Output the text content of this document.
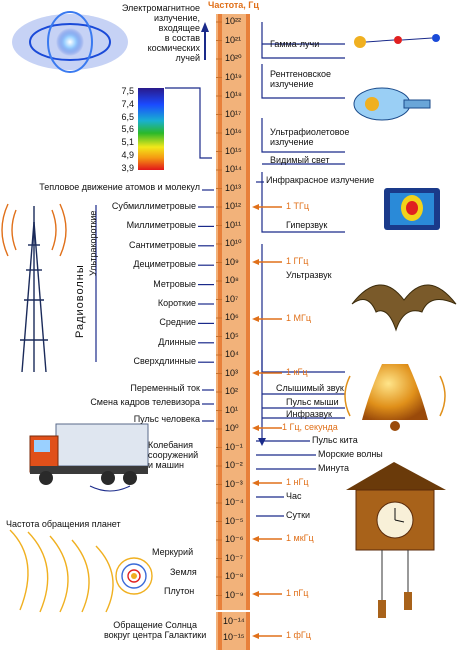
Частота, Гц
10²²
10²¹
10²⁰
10¹⁹
10¹⁸
10¹⁷
10¹⁶
10¹⁵
10¹⁴
10¹³
10¹²
10¹¹
10¹⁰
10⁹
10⁸
10⁷
10⁶
10⁵
10⁴
10³
10²
10¹
10⁰
10⁻¹
10⁻²
10⁻³
10⁻⁴
10⁻⁵
10⁻⁶
10⁻⁷
10⁻⁸
10⁻⁹
10⁻¹⁴
10⁻¹⁵
Электромагнитное
излучение,
входящее
в состав
космических
лучей
7,5
7,4
6,5
5,6
5,1
4,9
3,9
Тепловое движение атомов и молекул
Радиоволны
Ультракороткие
Субмиллиметровые
Миллиметровые
Сантиметровые
Дециметровые
Метровые
Короткие
Средние
Длинные
Сверхдлинные
Переменный ток
Смена кадров телевизора
Пульс человека
Колебания
сооружений
и машин
Частота обращения планет
Меркурий
Земля
Плутон
Обращение Солнца
вокруг центра Галактики
Гамма-лучи
Рентгеновское
излучение
Ультрафиолетовое
излучение
Видимый свет
Инфракрасное излучение
Гиперзвук
Ультразвук
Слышимый звук
Пульс мыши
Инфразвук
Пульс кита
Морские волны
Минута
Час
Сутки
1 ТГц
1 ГГц
1 МГц
1 кГц
1 Гц, секунда
1 нГц
1 мкГц
1 пГц
1 фГц
